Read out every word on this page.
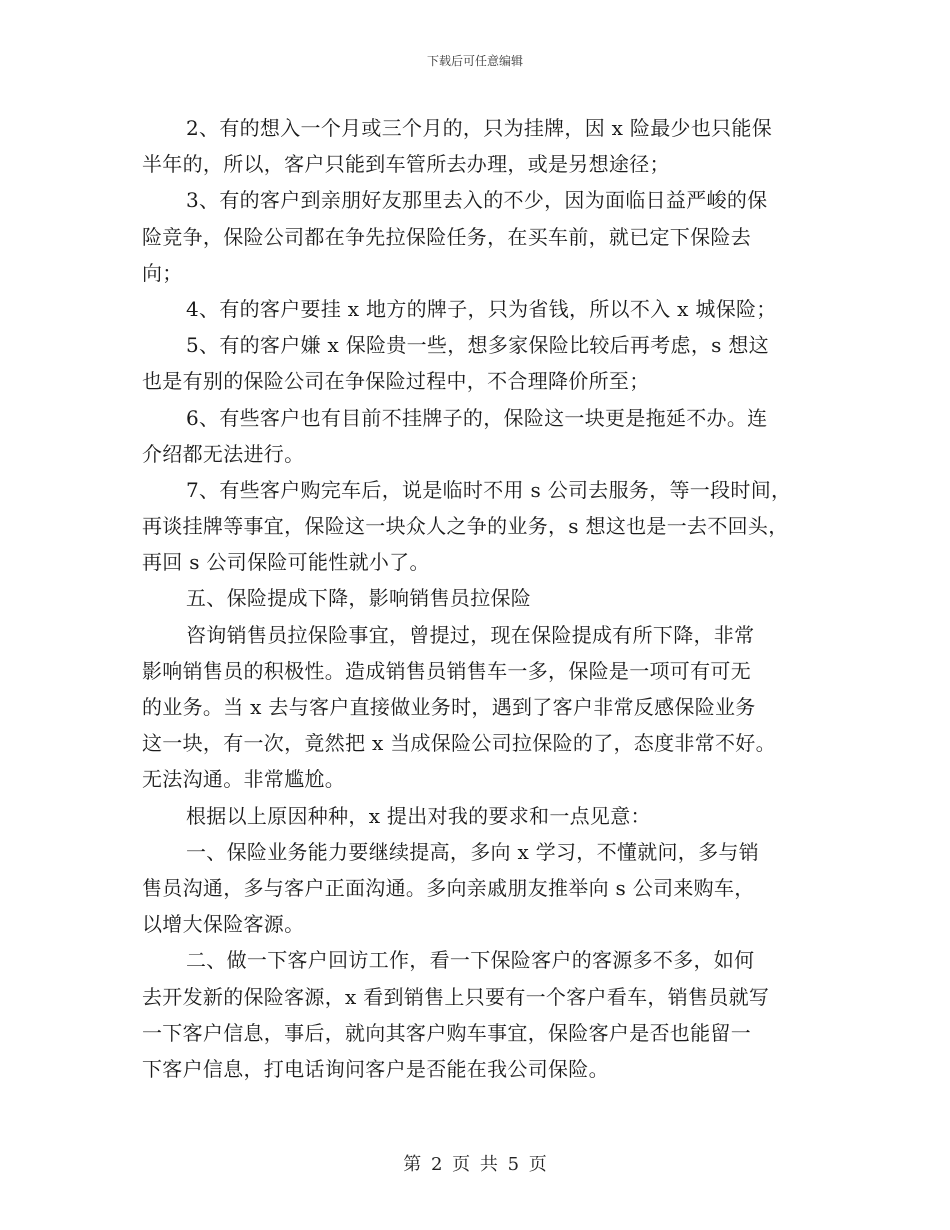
下载后可任意编辑
2、有的想入一个月或三个月的，只为挂牌，因 x 险最少也只能保
半年的，所以，客户只能到车管所去办理，或是另想途径；
3、有的客户到亲朋好友那里去入的不少，因为面临日益严峻的保
险竞争，保险公司都在争先拉保险任务，在买车前，就已定下保险去
向；
4、有的客户要挂 x 地方的牌子，只为省钱，所以不入 x 城保险；
5、有的客户嫌 x 保险贵一些，想多家保险比较后再考虑，s 想这
也是有别的保险公司在争保险过程中，不合理降价所至；
6、有些客户也有目前不挂牌子的，保险这一块更是拖延不办。连
介绍都无法进行。
7、有些客户购完车后，说是临时不用 s 公司去服务，等一段时间，
再谈挂牌等事宜，保险这一块众人之争的业务，s 想这也是一去不回头，
再回 s 公司保险可能性就小了。
五、保险提成下降，影响销售员拉保险
咨询销售员拉保险事宜，曾提过，现在保险提成有所下降，非常
影响销售员的积极性。造成销售员销售车一多，保险是一项可有可无
的业务。当 x 去与客户直接做业务时，遇到了客户非常反感保险业务
这一块，有一次，竟然把 x 当成保险公司拉保险的了，态度非常不好。
无法沟通。非常尴尬。
根据以上原因种种，x 提出对我的要求和一点见意：
一、保险业务能力要继续提高，多向 x 学习，不懂就问，多与销
售员沟通，多与客户正面沟通。多向亲戚朋友推举向 s 公司来购车，
以增大保险客源。
二、做一下客户回访工作，看一下保险客户的客源多不多，如何
去开发新的保险客源，x 看到销售上只要有一个客户看车，销售员就写
一下客户信息，事后，就向其客户购车事宜，保险客户是否也能留一
下客户信息，打电话询问客户是否能在我公司保险。
第 2 页 共 5 页
